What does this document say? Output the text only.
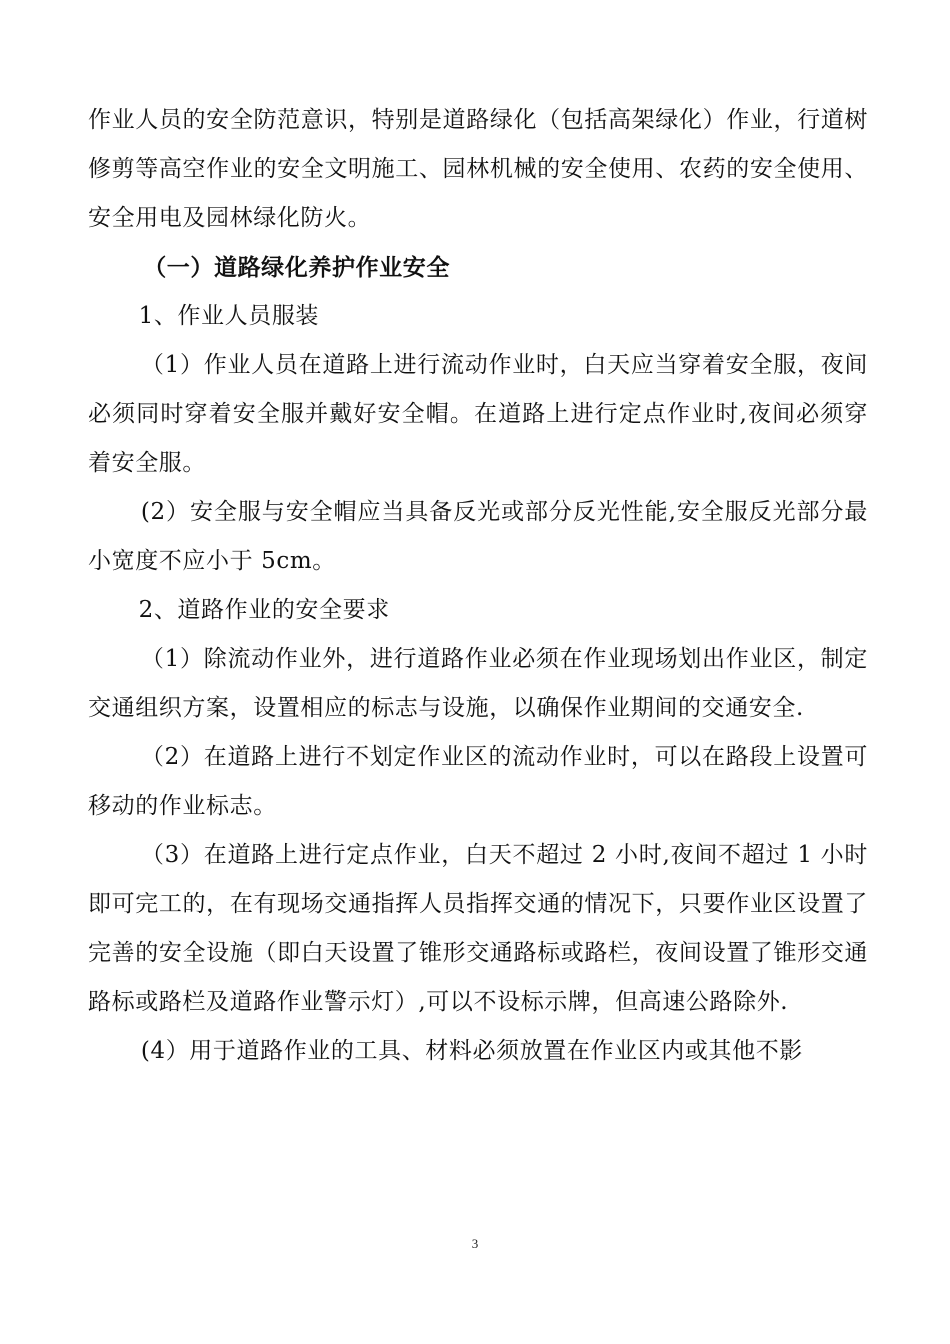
作业人员的安全防范意识，特别是道路绿化（包括高架绿化）作业，行道树修剪等高空作业的安全文明施工、园林机械的安全使用、农药的安全使用、安全用电及园林绿化防火。

（一）道路绿化养护作业安全

1、作业人员服装

（1）作业人员在道路上进行流动作业时，白天应当穿着安全服，夜间必须同时穿着安全服并戴好安全帽。在道路上进行定点作业时,夜间必须穿着安全服。

(2）安全服与安全帽应当具备反光或部分反光性能,安全服反光部分最小宽度不应小于 5cm。

2、道路作业的安全要求

（1）除流动作业外，进行道路作业必须在作业现场划出作业区，制定交通组织方案，设置相应的标志与设施，以确保作业期间的交通安全.

（2）在道路上进行不划定作业区的流动作业时，可以在路段上设置可移动的作业标志。

（3）在道路上进行定点作业，白天不超过 2 小时,夜间不超过 1 小时即可完工的，在有现场交通指挥人员指挥交通的情况下，只要作业区设置了完善的安全设施（即白天设置了锥形交通路标或路栏，夜间设置了锥形交通路标或路栏及道路作业警示灯）,可以不设标示牌，但高速公路除外.

(4）用于道路作业的工具、材料必须放置在作业区内或其他不影

3
